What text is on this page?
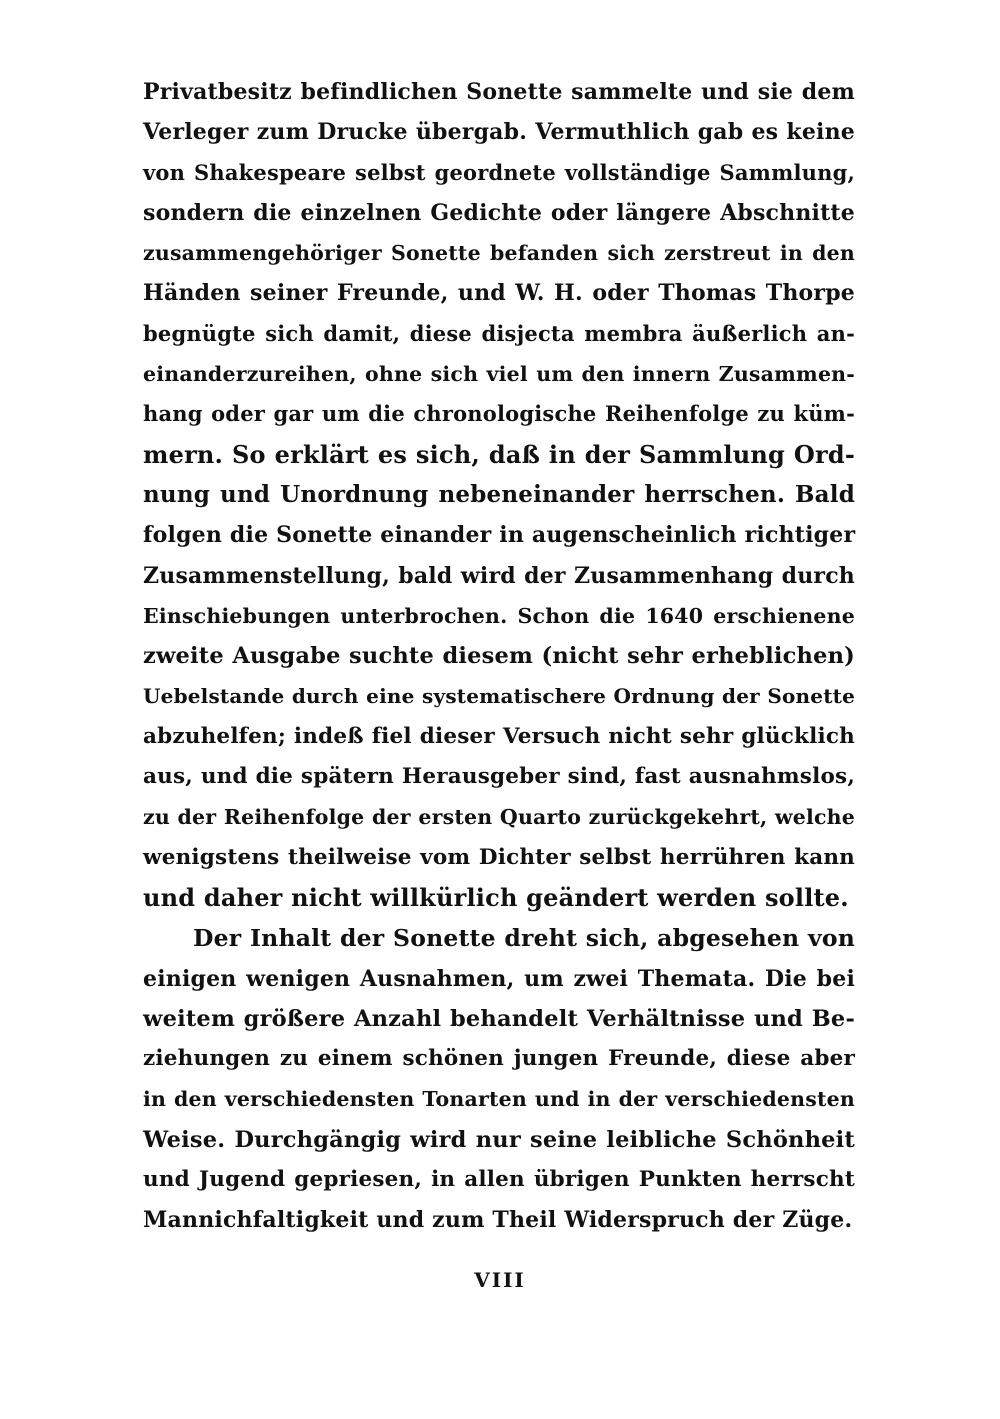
Privatbesitz befindlichen Sonette sammelte und sie dem
Verleger zum Drucke übergab. Vermuthlich gab es keine
von Shakespeare selbst geordnete vollständige Sammlung,
sondern die einzelnen Gedichte oder längere Abschnitte
zusammengehöriger Sonette befanden sich zerstreut in den
Händen seiner Freunde, und W. H. oder Thomas Thorpe
begnügte sich damit, diese disjecta membra äußerlich an-
einanderzureihen, ohne sich viel um den innern Zusammen-
hang oder gar um die chronologische Reihenfolge zu küm-
mern. So erklärt es sich, daß in der Sammlung Ord-
nung und Unordnung nebeneinander herrschen. Bald
folgen die Sonette einander in augenscheinlich richtiger
Zusammenstellung, bald wird der Zusammenhang durch
Einschiebungen unterbrochen. Schon die 1640 erschienene
zweite Ausgabe suchte diesem (nicht sehr erheblichen)
Uebelstande durch eine systematischere Ordnung der Sonette
abzuhelfen; indeß fiel dieser Versuch nicht sehr glücklich
aus, und die spätern Herausgeber sind, fast ausnahmslos,
zu der Reihenfolge der ersten Quarto zurückgekehrt, welche
wenigstens theilweise vom Dichter selbst herrühren kann
und daher nicht willkürlich geändert werden sollte.
Der Inhalt der Sonette dreht sich, abgesehen von
einigen wenigen Ausnahmen, um zwei Themata. Die bei
weitem größere Anzahl behandelt Verhältnisse und Be-
ziehungen zu einem schönen jungen Freunde, diese aber
in den verschiedensten Tonarten und in der verschiedensten
Weise. Durchgängig wird nur seine leibliche Schönheit
und Jugend gepriesen, in allen übrigen Punkten herrscht
Mannichfaltigkeit und zum Theil Widerspruch der Züge.
VIII
